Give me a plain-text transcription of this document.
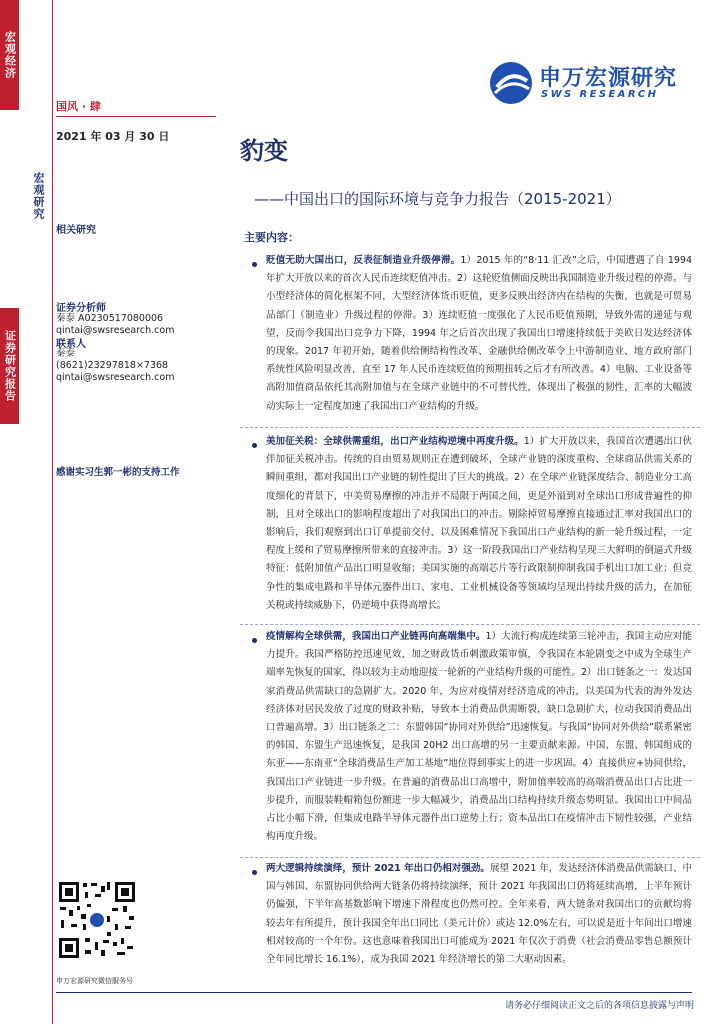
宏观经济
证券研究报告
宏观研究
国风 · 肆
2021 年 03 月 30 日
相关研究
证券分析师
秦泰 A0230517080006
qintai@swsresearch.com
联系人
秦泰
(8621)23297818×7368
qintai@swsresearch.com
感谢实习生郭一彬的支持工作
申万宏源研究微信服务号
申万宏源研究
SWS RESEARCH
豹变
——中国出口的国际环境与竞争力报告（2015-2021）
主要内容：
贬值无助大国出口，反表征制造业升级停滞。1）2015 年的“8·11 汇改”之后，中国遭遇了自 1994 年扩大开放以来的首次人民币连续贬值冲击。2）这轮贬值侧面反映出我国制造业升级过程的停滞。与小型经济体的简化框架不同，大型经济体货币贬值，更多反映出经济内在结构的失衡，也就是可贸易品部门（制造业）升级过程的停滞。3）连续贬值一度强化了人民币贬值预期，导致外需的递延与观望，反而令我国出口竞争力下降，1994 年之后首次出现了我国出口增速持续低于美欧日发达经济体的现象。2017 年初开始，随着供给侧结构性改革、金融供给侧改革令上中游制造业、地方政府部门系统性风险明显改善，直至 17 年人民币连续贬值的预期扭转之后才有所改善。4）电脑、工业设备等高附加值商品依托其高附加值与在全球产业链中的不可替代性，体现出了极强的韧性，汇率的大幅波动实际上一定程度加速了我国出口产业结构的升级。
美加征关税：全球供需重组，出口产业结构逆境中再度升级。1）扩大开放以来，我国首次遭遇出口伙伴加征关税冲击。传统的自由贸易规则正在遭到破坏，全球产业链的深度重构、全球商品供需关系的瞬间重组，都对我国出口产业链的韧性提出了巨大的挑战。2）在全球产业链深度结合、制造业分工高度细化的背景下，中美贸易摩擦的冲击并不局限于两国之间，更是外溢到对全球出口形成普遍性的抑制，且对全球出口的影响程度超出了对我国出口的冲击。剔除掉贸易摩擦直接通过汇率对我国出口的影响后，我们观察到出口订单提前交付、以及困难情况下我国出口产业结构的新一轮升级过程，一定程度上缓和了贸易摩擦所带来的直接冲击。3）这一阶段我国出口产业结构呈现三大鲜明的倒逼式升级特征：低附加值产品出口明显收缩；美国实施的高端芯片等行政限制抑制我国手机出口加工业；但竞争性的集成电路和半导体元器件出口、家电、工业机械设备等领域均呈现出持续升级的活力，在加征关税或持续威胁下，仍逆境中获得高增长。
疫情解构全球供需，我国出口产业链再向高端集中。1）大流行构成连续第三轮冲击，我国主动应对能力提升。我国严格防控迅速见效，加之财政货币刺激政策审慎，令我国在本轮剧变之中成为全球生产端率先恢复的国家，得以较为主动地迎接一轮新的产业结构升级的可能性。2）出口链条之一：发达国家消费品供需缺口的急剧扩大。2020 年，为应对疫情对经济造成的冲击，以美国为代表的海外发达经济体对居民发放了过度的财政补贴，导致本土消费品供需断裂，缺口急剧扩大，拉动我国消费品出口普遍高增。3）出口链条之二：东盟韩国“协同对外供给”迅速恢复。与我国“协同对外供给”联系紧密的韩国、东盟生产迅速恢复，是我国 20H2 出口高增的另一主要贡献来源。中国、东盟、韩国组成的东亚——东南亚“全球消费品生产加工基地”地位得到事实上的进一步巩固。4）直接供应+协同供给，我国出口产业链进一步升级。在普遍的消费品出口高增中，附加值率较高的高端消费品出口占比进一步提升，而服装鞋帽箱包份额进一步大幅减少，消费品出口结构持续升级态势明显。我国出口中间品占比小幅下滑，但集成电路半导体元器件出口逆势上行；资本品出口在疫情冲击下韧性较强，产业结构再度升级。
两大逻辑持续演绎，预计 2021 年出口仍相对强劲。展望 2021 年，发达经济体消费品供需缺口、中国与韩国、东盟协同供给两大链条仍将持续演绎，预计 2021 年我国出口仍将延续高增，上半年预计仍偏强，下半年高基数影响下增速下滑程度也仍然可控。全年来看，两大链条对我国出口的贡献均将较去年有所提升，预计我国全年出口同比（美元计价）或达 12.0%左右，可以说是近十年间出口增速相对较高的一个年份。这也意味着我国出口可能成为 2021 年仅次于消费（社会消费品零售总额预计全年同比增长 16.1%），成为我国 2021 年经济增长的第二大驱动因素。
请务必仔细阅读正文之后的各项信息披露与声明
